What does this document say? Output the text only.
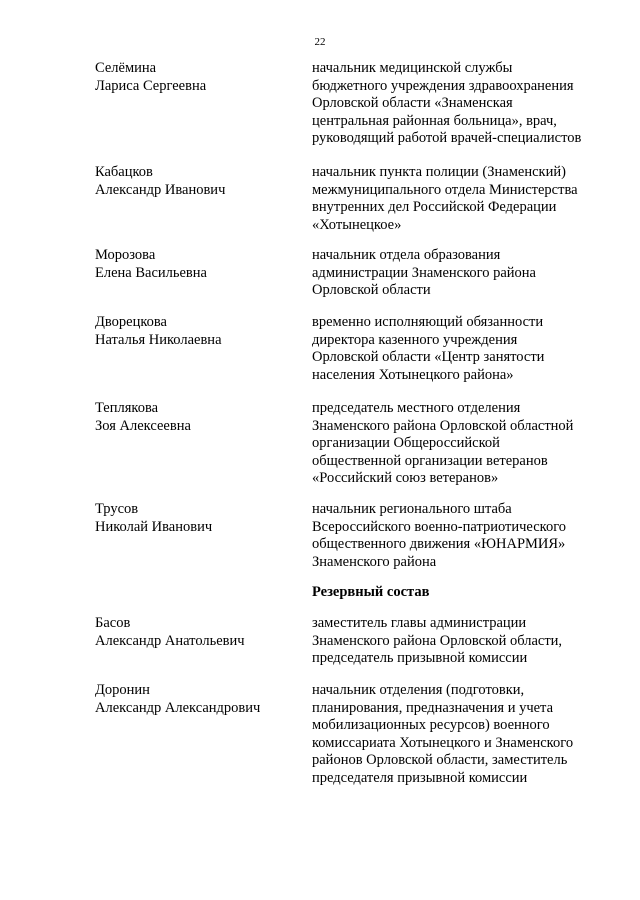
22
Селёмина
Лариса Сергеевна
начальник медицинской службы
бюджетного учреждения здравоохранения
Орловской области «Знаменская
центральная районная больница», врач,
руководящий работой врачей-специалистов
Кабацков
Александр Иванович
начальник пункта полиции (Знаменский)
межмуниципального отдела Министерства
внутренних дел Российской Федерации
«Хотынецкое»
Морозова
Елена Васильевна
начальник отдела образования
администрации Знаменского района
Орловской области
Дворецкова
Наталья Николаевна
временно исполняющий обязанности
директора казенного учреждения
Орловской области «Центр занятости
населения Хотынецкого района»
Теплякова
Зоя Алексеевна
председатель местного отделения
Знаменского района Орловской областной
организации Общероссийской
общественной организации ветеранов
«Российский союз ветеранов»
Трусов
Николай Иванович
начальник регионального штаба
Всероссийского военно-патриотического
общественного движения «ЮНАРМИЯ»
Знаменского района
Резервный состав
Басов
Александр Анатольевич
заместитель главы администрации
Знаменского района Орловской области,
председатель призывной комиссии
Доронин
Александр Александрович
начальник отделения (подготовки,
планирования, предназначения и учета
мобилизационных ресурсов) военного
комиссариата Хотынецкого и Знаменского
районов Орловской области, заместитель
председателя призывной комиссии
